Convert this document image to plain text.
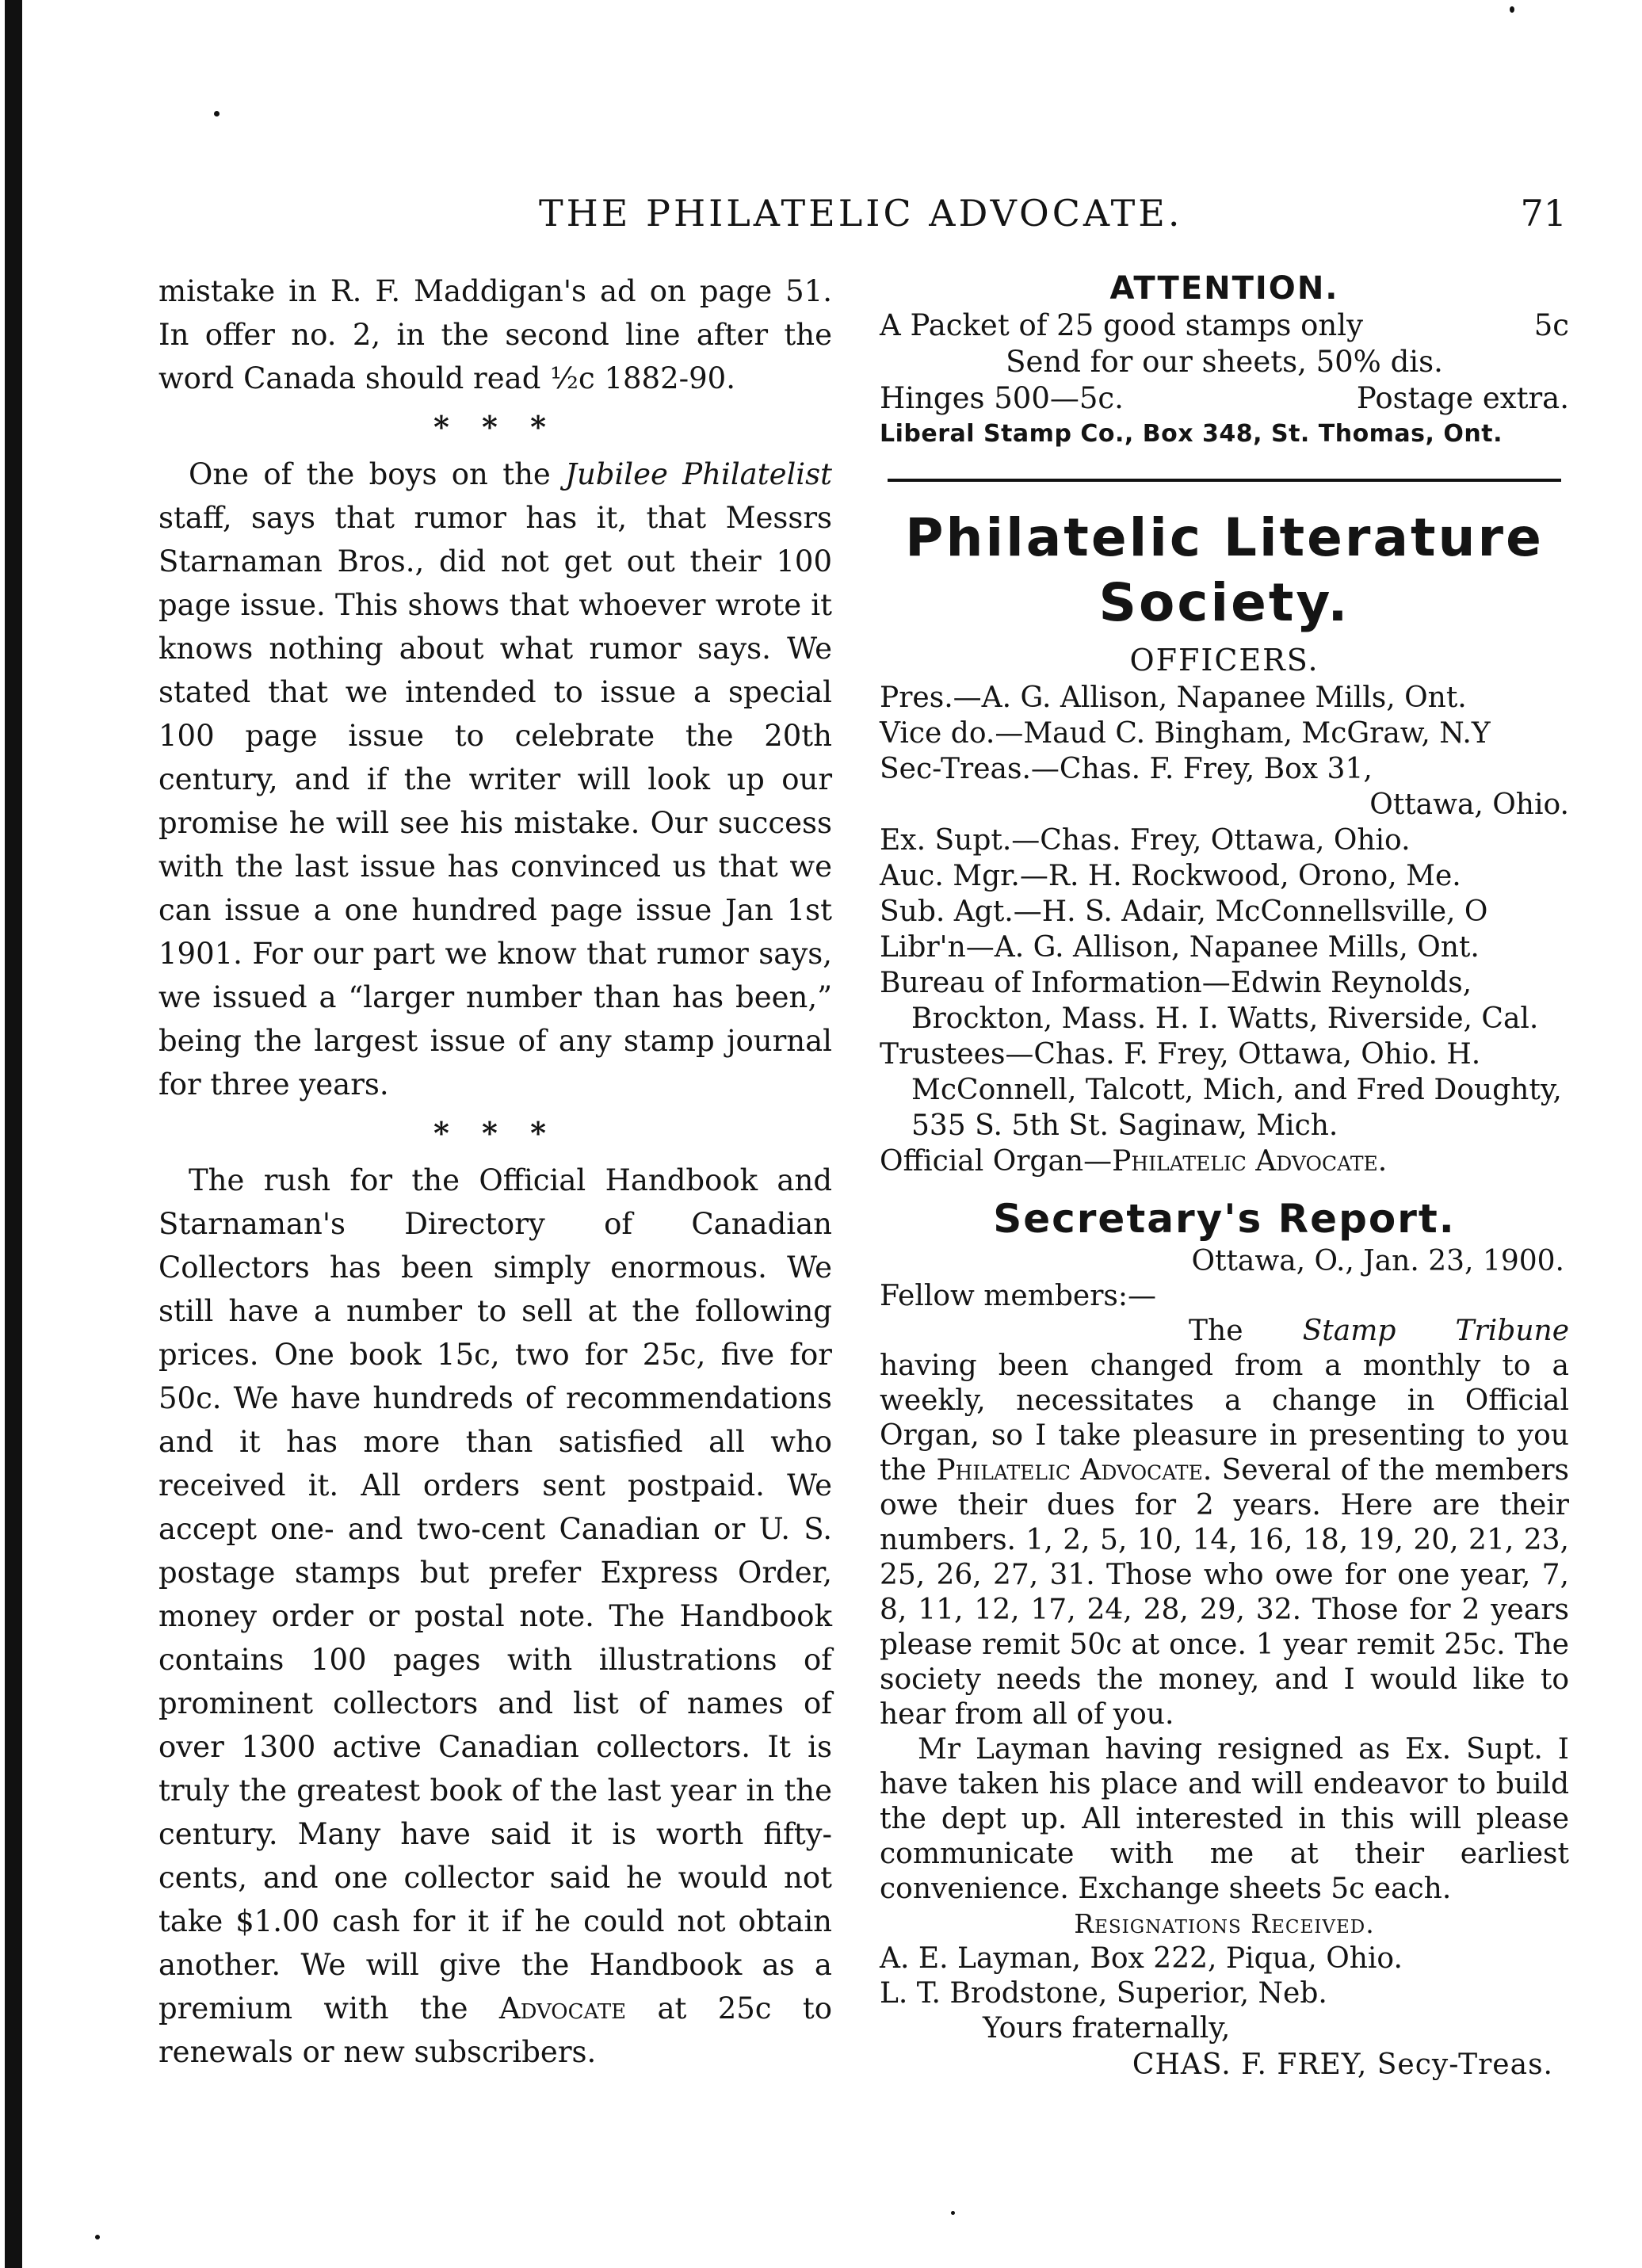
THE PHILATELIC ADVOCATE.	71

mistake in R. F. Maddigan's ad on page 51. In offer no. 2, in the second line after the word Canada should read ½c 1882-90.

* * *

One of the boys on the Jubilee Philatelist staff, says that rumor has it, that Messrs Starnaman Bros., did not get out their 100 page issue. This shows that whoever wrote it knows nothing about what rumor says. We stated that we intended to issue a special 100 page issue to celebrate the 20th century, and if the writer will look up our promise he will see his mistake. Our success with the last issue has convinced us that we can issue a one hundred page issue Jan 1st 1901. For our part we know that rumor says, we issued a “larger number than has been,” being the largest issue of any stamp journal for three years.

* * *

The rush for the Official Handbook and Starnaman's Directory of Canadian Collectors has been simply enormous. We still have a number to sell at the following prices. One book 15c, two for 25c, five for 50c. We have hundreds of recommendations and it has more than satisfied all who received it. All orders sent postpaid. We accept one- and two-cent Canadian or U. S. postage stamps but prefer Express Order, money order or postal note. The Handbook contains 100 pages with illustrations of prominent collectors and list of names of over 1300 active Canadian collectors. It is truly the greatest book of the last year in the century. Many have said it is worth fifty-cents, and one collector said he would not take $1.00 cash for it if he could not obtain another. We will give the Handbook as a premium with the Advocate at 25c to renewals or new subscribers.

ATTENTION.
A Packet of 25 good stamps only	5c
Send for our sheets, 50% dis.
Hinges 500—5c.	Postage extra.
Liberal Stamp Co., Box 348, St. Thomas, Ont.
Philatelic Literature
Society.
OFFICERS.

Pres.—A. G. Allison, Napanee Mills, Ont.

Vice do.—Maud C. Bingham, McGraw, N.Y

Sec-Treas.—Chas. F. Frey, Box 31,

Ottawa, Ohio.

Ex. Supt.—Chas. Frey, Ottawa, Ohio.

Auc. Mgr.—R. H. Rockwood, Orono, Me.

Sub. Agt.—H. S. Adair, McConnellsville, O

Libr'n—A. G. Allison, Napanee Mills, Ont.

Bureau of Information—Edwin Reynolds, Brockton, Mass. H. I. Watts, Riverside, Cal.

Trustees—Chas. F. Frey, Ottawa, Ohio. H. McConnell, Talcott, Mich, and Fred Doughty, 535 S. 5th St. Saginaw, Mich.

Official Organ—Philatelic Advocate.

Secretary's Report.
Ottawa, O., Jan. 23, 1900.
Fellow members:—

The Stamp Tribune having been changed from a monthly to a weekly, necessitates a change in Official Organ, so I take pleasure in presenting to you the Philatelic Advocate. Several of the members owe their dues for 2 years. Here are their numbers. 1, 2, 5, 10, 14, 16, 18, 19, 20, 21, 23, 25, 26, 27, 31. Those who owe for one year, 7, 8, 11, 12, 17, 24, 28, 29, 32. Those for 2 years please remit 50c at once. 1 year remit 25c. The society needs the money, and I would like to hear from all of you.

Mr Layman having resigned as Ex. Supt. I have taken his place and will endeavor to build the dept up. All interested in this will please communicate with me at their earliest convenience. Exchange sheets 5c each.

Resignations Received.
A. E. Layman, Box 222, Piqua, Ohio.
L. T. Brodstone, Superior, Neb.
Yours fraternally,
CHAS. F. FREY, Secy-Treas.
